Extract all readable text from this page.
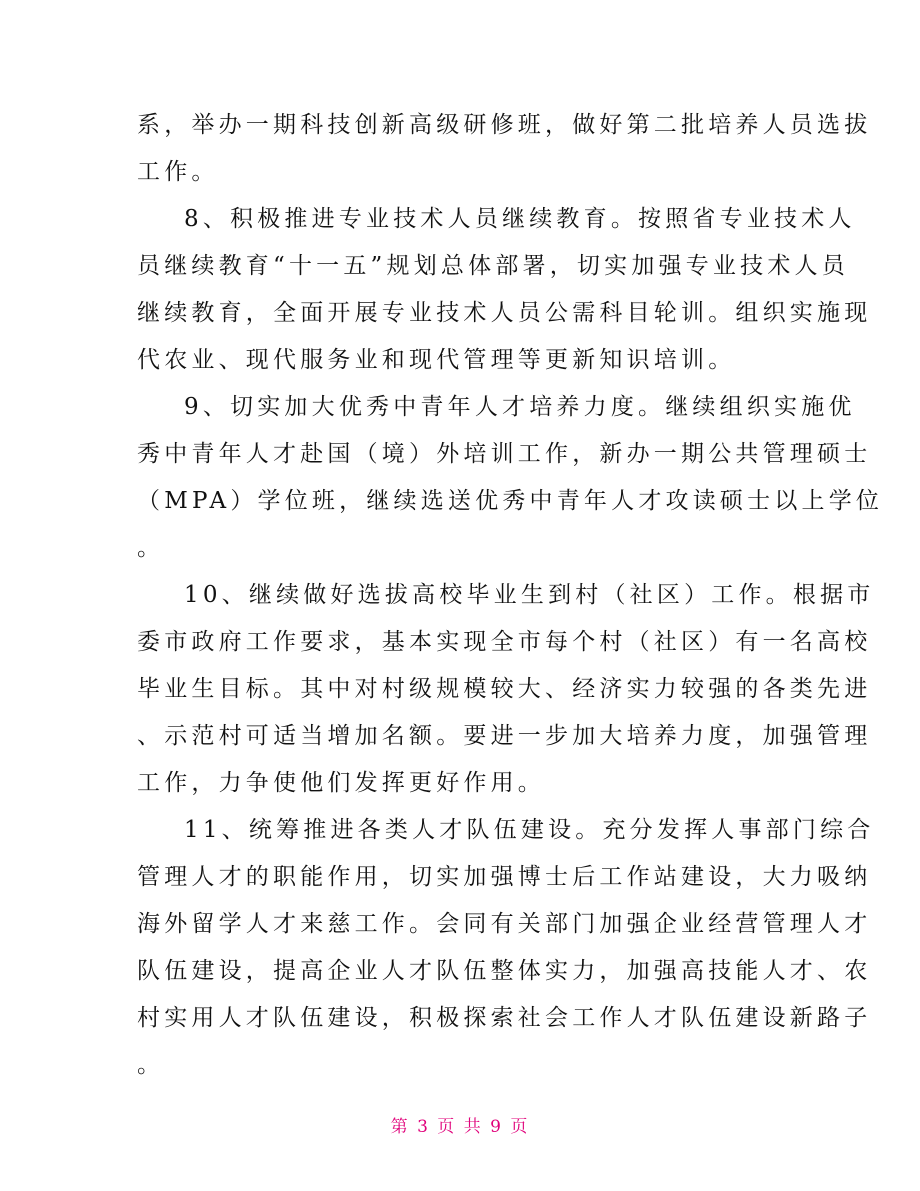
系，举办一期科技创新高级研修班，做好第二批培养人员选拔
工作。
8、积极推进专业技术人员继续教育。按照省专业技术人
员继续教育“十一五”规划总体部署，切实加强专业技术人员
继续教育，全面开展专业技术人员公需科目轮训。组织实施现
代农业、现代服务业和现代管理等更新知识培训。
9、切实加大优秀中青年人才培养力度。继续组织实施优
秀中青年人才赴国（境）外培训工作，新办一期公共管理硕士
（MPA）学位班，继续选送优秀中青年人才攻读硕士以上学位
。
10、继续做好选拔高校毕业生到村（社区）工作。根据市
委市政府工作要求，基本实现全市每个村（社区）有一名高校
毕业生目标。其中对村级规模较大、经济实力较强的各类先进
、示范村可适当增加名额。要进一步加大培养力度，加强管理
工作，力争使他们发挥更好作用。
11、统筹推进各类人才队伍建设。充分发挥人事部门综合
管理人才的职能作用，切实加强博士后工作站建设，大力吸纳
海外留学人才来慈工作。会同有关部门加强企业经营管理人才
队伍建设，提高企业人才队伍整体实力，加强高技能人才、农
村实用人才队伍建设，积极探索社会工作人才队伍建设新路子
。
第 3 页 共 9 页
